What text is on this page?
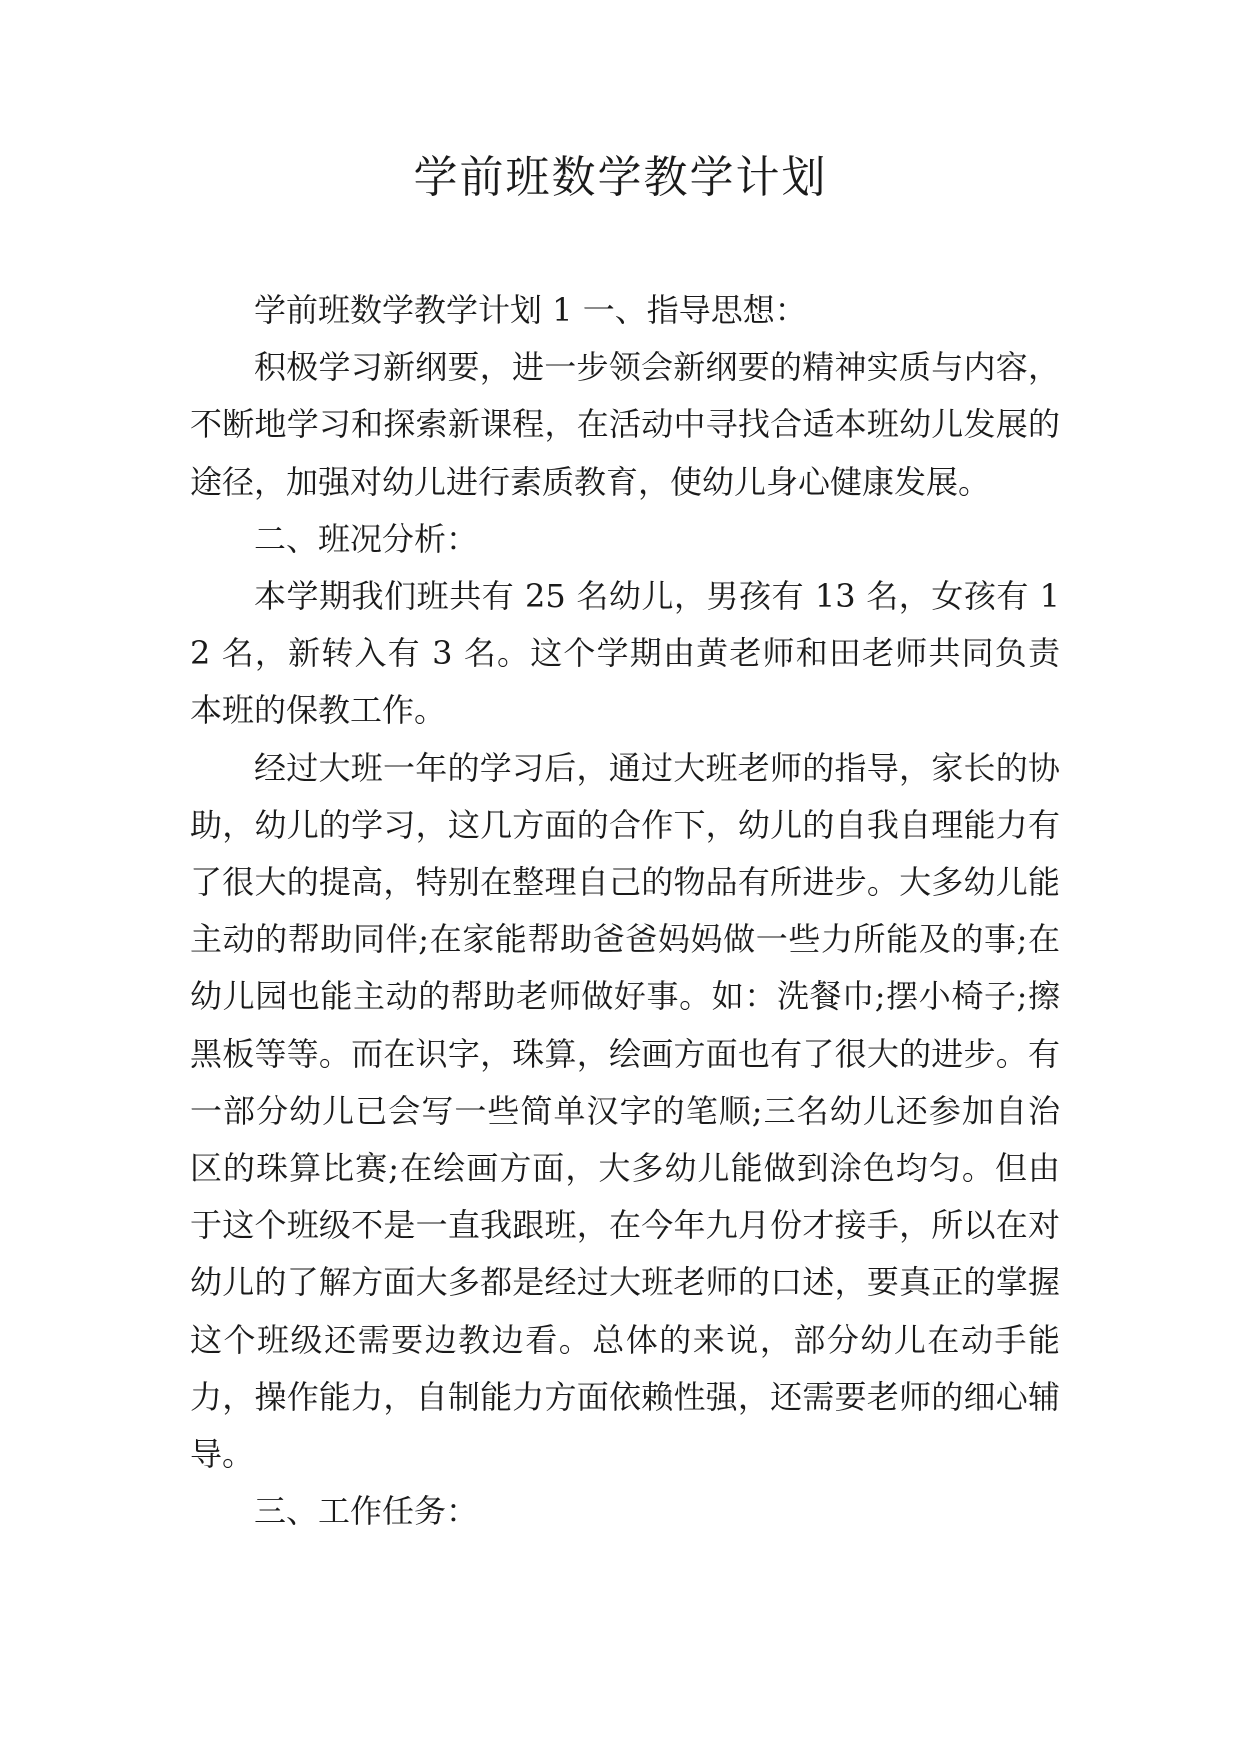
学前班数学教学计划

学前班数学教学计划 1 一、指导思想：

积极学习新纲要，进一步领会新纲要的精神实质与内容，不断地学习和探索新课程，在活动中寻找合适本班幼儿发展的途径，加强对幼儿进行素质教育，使幼儿身心健康发展。

二、班况分析：

本学期我们班共有 25 名幼儿，男孩有 13 名，女孩有 12 名，新转入有 3 名。这个学期由黄老师和田老师共同负责本班的保教工作。

经过大班一年的学习后，通过大班老师的指导，家长的协助，幼儿的学习，这几方面的合作下，幼儿的自我自理能力有了很大的提高，特别在整理自己的物品有所进步。大多幼儿能主动的帮助同伴;在家能帮助爸爸妈妈做一些力所能及的事;在幼儿园也能主动的帮助老师做好事。如：洗餐巾;摆小椅子;擦黑板等等。而在识字，珠算，绘画方面也有了很大的进步。有一部分幼儿已会写一些简单汉字的笔顺;三名幼儿还参加自治区的珠算比赛;在绘画方面，大多幼儿能做到涂色均匀。但由于这个班级不是一直我跟班，在今年九月份才接手，所以在对幼儿的了解方面大多都是经过大班老师的口述，要真正的掌握这个班级还需要边教边看。总体的来说，部分幼儿在动手能力，操作能力，自制能力方面依赖性强，还需要老师的细心辅导。

三、工作任务：
